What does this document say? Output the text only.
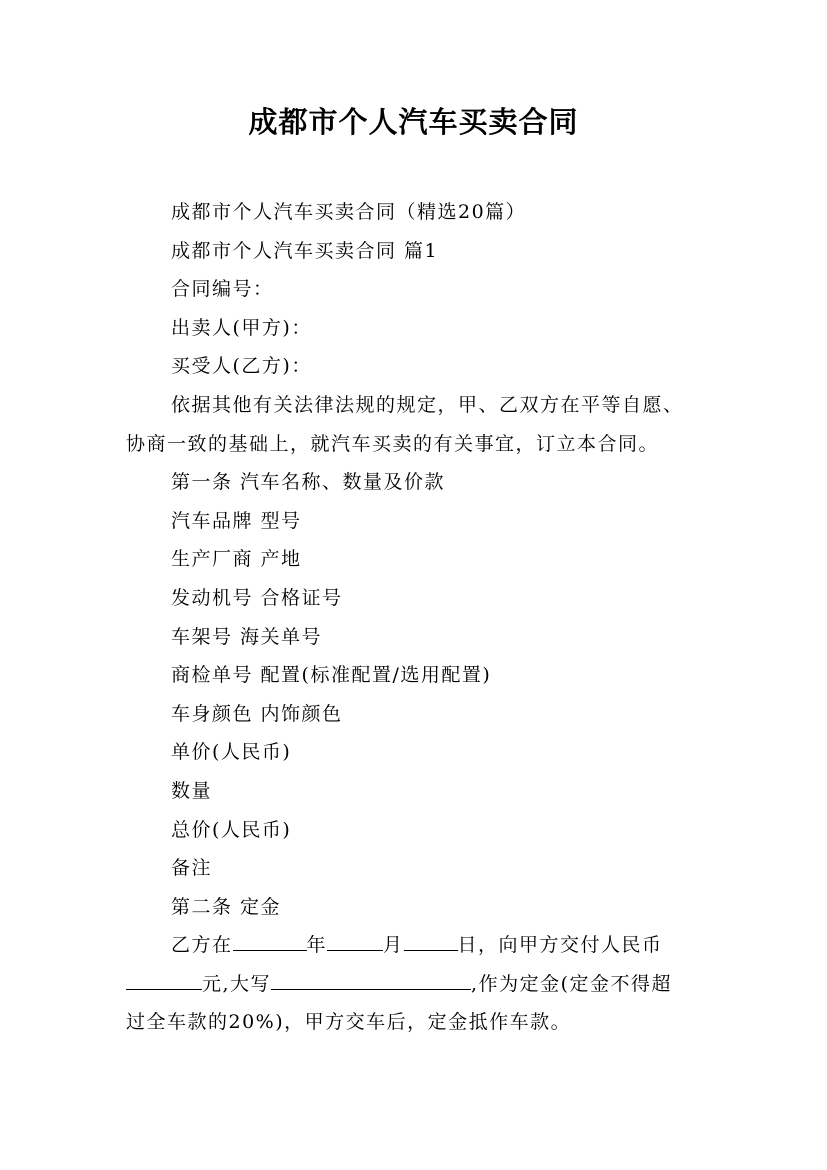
成都市个人汽车买卖合同

成都市个人汽车买卖合同（精选20篇）

成都市个人汽车买卖合同 篇1

合同编号：

出卖人(甲方)：

买受人(乙方)：

依据其他有关法律法规的规定，甲、乙双方在平等自愿、

协商一致的基础上，就汽车买卖的有关事宜，订立本合同。

第一条 汽车名称、数量及价款

汽车品牌 型号

生产厂商 产地

发动机号 合格证号

车架号 海关单号

商检单号 配置(标准配置/选用配置)

车身颜色 内饰颜色

单价(人民币)

数量

总价(人民币)

备注

第二条 定金

乙方在	年	月	日，向甲方交付人民币

元,大写	,作为定金(定金不得超

过全车款的20%)，甲方交车后，定金抵作车款。
